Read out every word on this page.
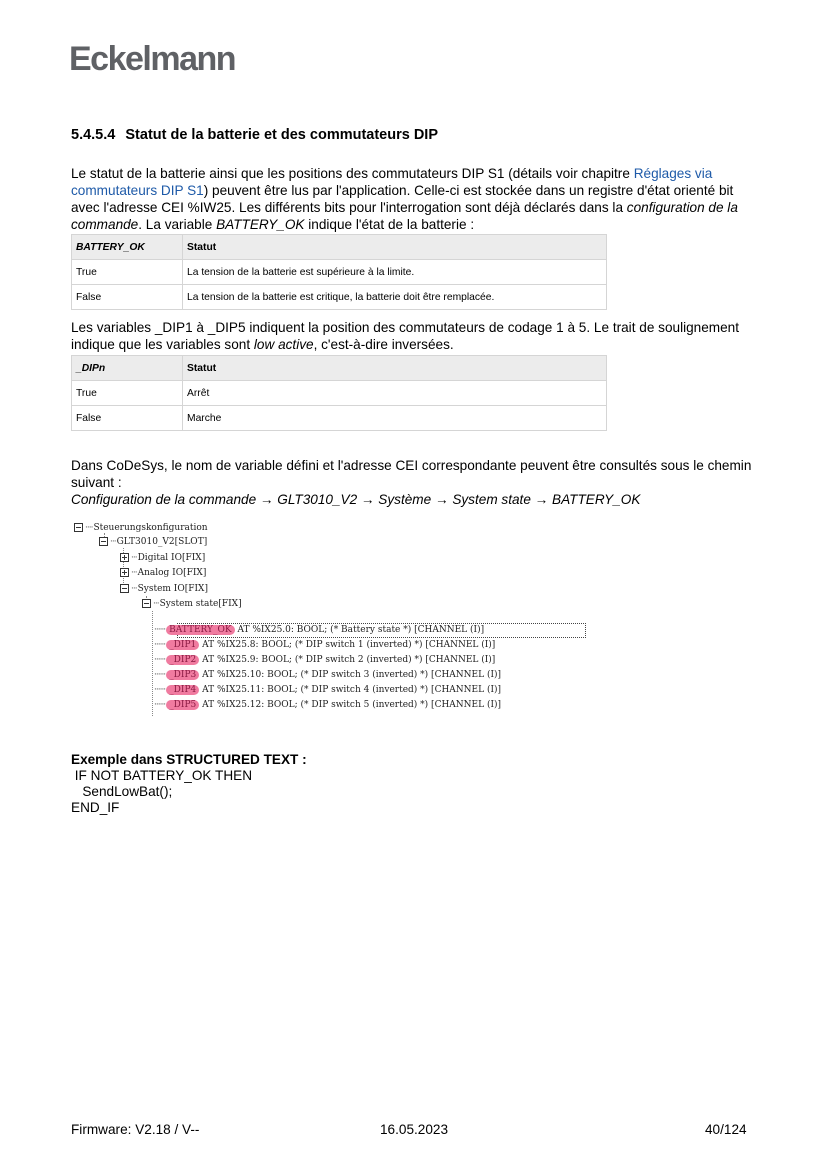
Eckelmann
5.4.5.4 Statut de la batterie et des commutateurs DIP
Le statut de la batterie ainsi que les positions des commutateurs DIP S1 (détails voir chapitre Réglages via commutateurs DIP S1) peuvent être lus par l'application. Celle-ci est stockée dans un registre d'état orienté bit avec l'adresse CEI %IW25. Les différents bits pour l'interrogation sont déjà déclarés dans la configuration de la commande. La variable BATTERY_OK indique l'état de la batterie :
BATTERY_OK	Statut
True	La tension de la batterie est supérieure à la limite.
False	La tension de la batterie est critique, la batterie doit être remplacée.
Les variables _DIP1 à _DIP5 indiquent la position des commutateurs de codage 1 à 5. Le trait de soulignement indique que les variables sont low active, c'est-à-dire inversées.
_DIPn	Statut
True	Arrêt
False	Marche
Dans CoDeSys, le nom de variable défini et l'adresse CEI correspondante peuvent être consultés sous le chemin suivant :
Configuration de la commande → GLT3010_V2 → Système → System state → BATTERY_OK
····Steuerungskonfiguration
···GLT3010_V2[SLOT]
···Digital IO[FIX]
···Analog IO[FIX]
···System IO[FIX]
···System state[FIX]
······ BATTERY_OK AT %IX25.0: BOOL; (* Battery state *) [CHANNEL (I)]
······ _DIP1 AT %IX25.8: BOOL; (* DIP switch 1 (inverted) *) [CHANNEL (I)]
······ _DIP2 AT %IX25.9: BOOL; (* DIP switch 2 (inverted) *) [CHANNEL (I)]
······ _DIP3 AT %IX25.10: BOOL; (* DIP switch 3 (inverted) *) [CHANNEL (I)]
······ _DIP4 AT %IX25.11: BOOL; (* DIP switch 4 (inverted) *) [CHANNEL (I)]
······ _DIP5 AT %IX25.12: BOOL; (* DIP switch 5 (inverted) *) [CHANNEL (I)]
Exemple dans STRUCTURED TEXT :
IF NOT BATTERY_OK THEN
SendLowBat();
END_IF
Firmware: V2.18 / V--	16.05.2023	40/124
